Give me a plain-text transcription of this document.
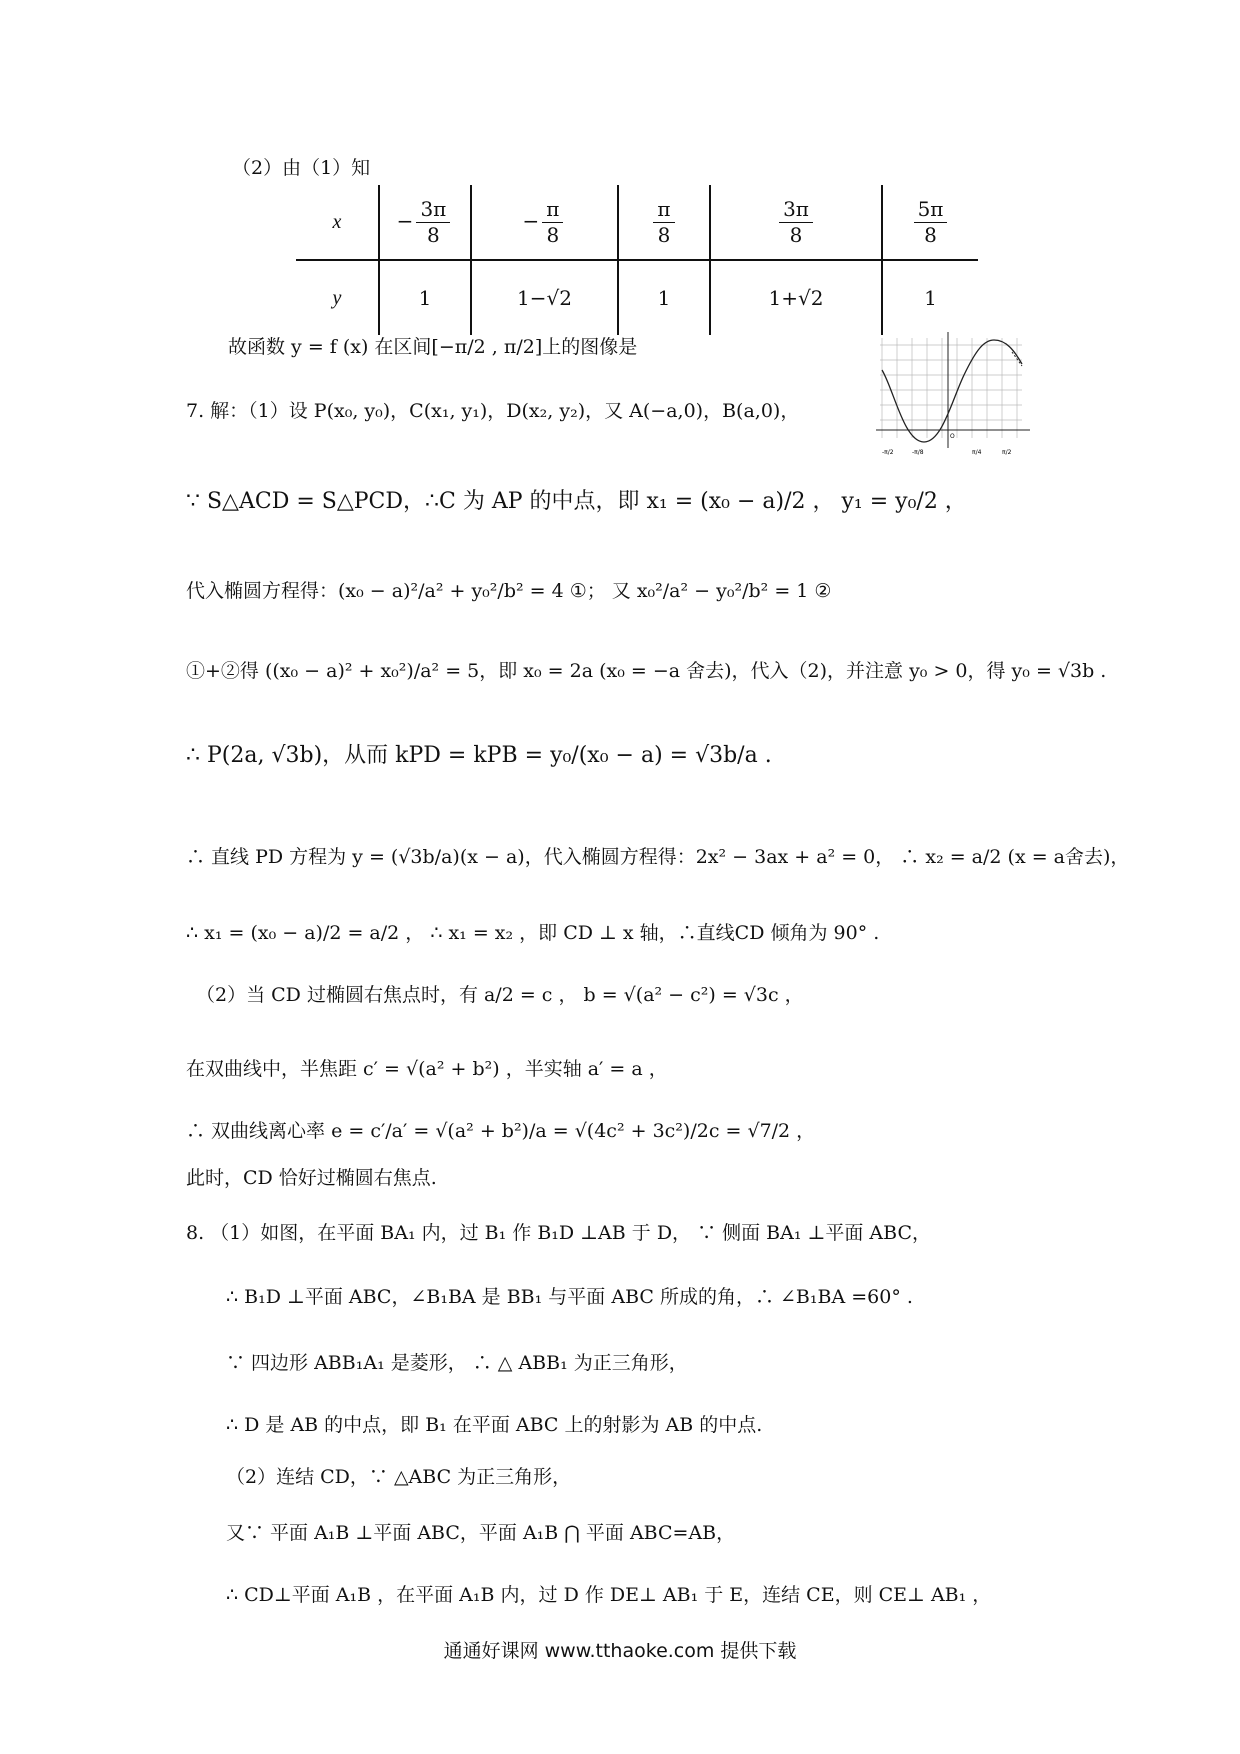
（2）由（1）知
x	− $\frac{3\pi}{8}$	− $\frac{\pi}{8}$	$\frac{\pi}{8}$	$\frac{3\pi}{8}$	$\frac{5\pi}{8}$

y	1	1−√2	1	1+√2	1
故函数 y = f (x) 在区间[−π/2 , π/2]上的图像是
-π/2	-π/8
O
π/4	π/2
7. 解：（1）设 P(x₀, y₀)，C(x₁, y₁)，D(x₂, y₂)，又 A(−a,0)，B(a,0)，
∵ S△ACD = S△PCD，∴C 为 AP 的中点，即 x₁ = (x₀ − a)/2 ， y₁ = y₀/2 ，
代入椭圆方程得：(x₀ − a)²/a² + y₀²/b² = 4 ①； 又 x₀²/a² − y₀²/b² = 1 ②
①+②得 ((x₀ − a)² + x₀²)/a² = 5，即 x₀ = 2a (x₀ = −a 舍去)，代入（2)，并注意 y₀ > 0，得 y₀ = √3b .
∴ P(2a, √3b)，从而 kPD = kPB = y₀/(x₀ − a) = √3b/a .
∴ 直线 PD 方程为 y = (√3b/a)(x − a)，代入椭圆方程得：2x² − 3ax + a² = 0， ∴ x₂ = a/2 (x = a舍去)，
∴ x₁ = (x₀ − a)/2 = a/2 ， ∴ x₁ = x₂ ，即 CD ⊥ x 轴，∴直线CD 倾角为 90° .
（2）当 CD 过椭圆右焦点时，有 a/2 = c ， b = √(a² − c²) = √3c ，
在双曲线中，半焦距 c′ = √(a² + b²) ，半实轴 a′ = a ，
∴ 双曲线离心率 e = c′/a′ = √(a² + b²)/a = √(4c² + 3c²)/2c = √7/2 ，
此时，CD 恰好过椭圆右焦点.
8. （1）如图，在平面 BA₁ 内，过 B₁ 作 B₁D ⊥AB 于 D， ∵ 侧面 BA₁ ⊥平面 ABC，
∴ B₁D ⊥平面 ABC，∠B₁BA 是 BB₁ 与平面 ABC 所成的角，∴ ∠B₁BA =60° .
∵ 四边形 ABB₁A₁ 是菱形， ∴ △ ABB₁ 为正三角形，
∴ D 是 AB 的中点，即 B₁ 在平面 ABC 上的射影为 AB 的中点.
（2）连结 CD，∵ △ABC 为正三角形，
又∵ 平面 A₁B ⊥平面 ABC，平面 A₁B ⋂ 平面 ABC=AB，
∴ CD⊥平面 A₁B ，在平面 A₁B 内，过 D 作 DE⊥ AB₁ 于 E，连结 CE，则 CE⊥ AB₁ ，
通通好课网 www.tthaoke.com 提供下载
